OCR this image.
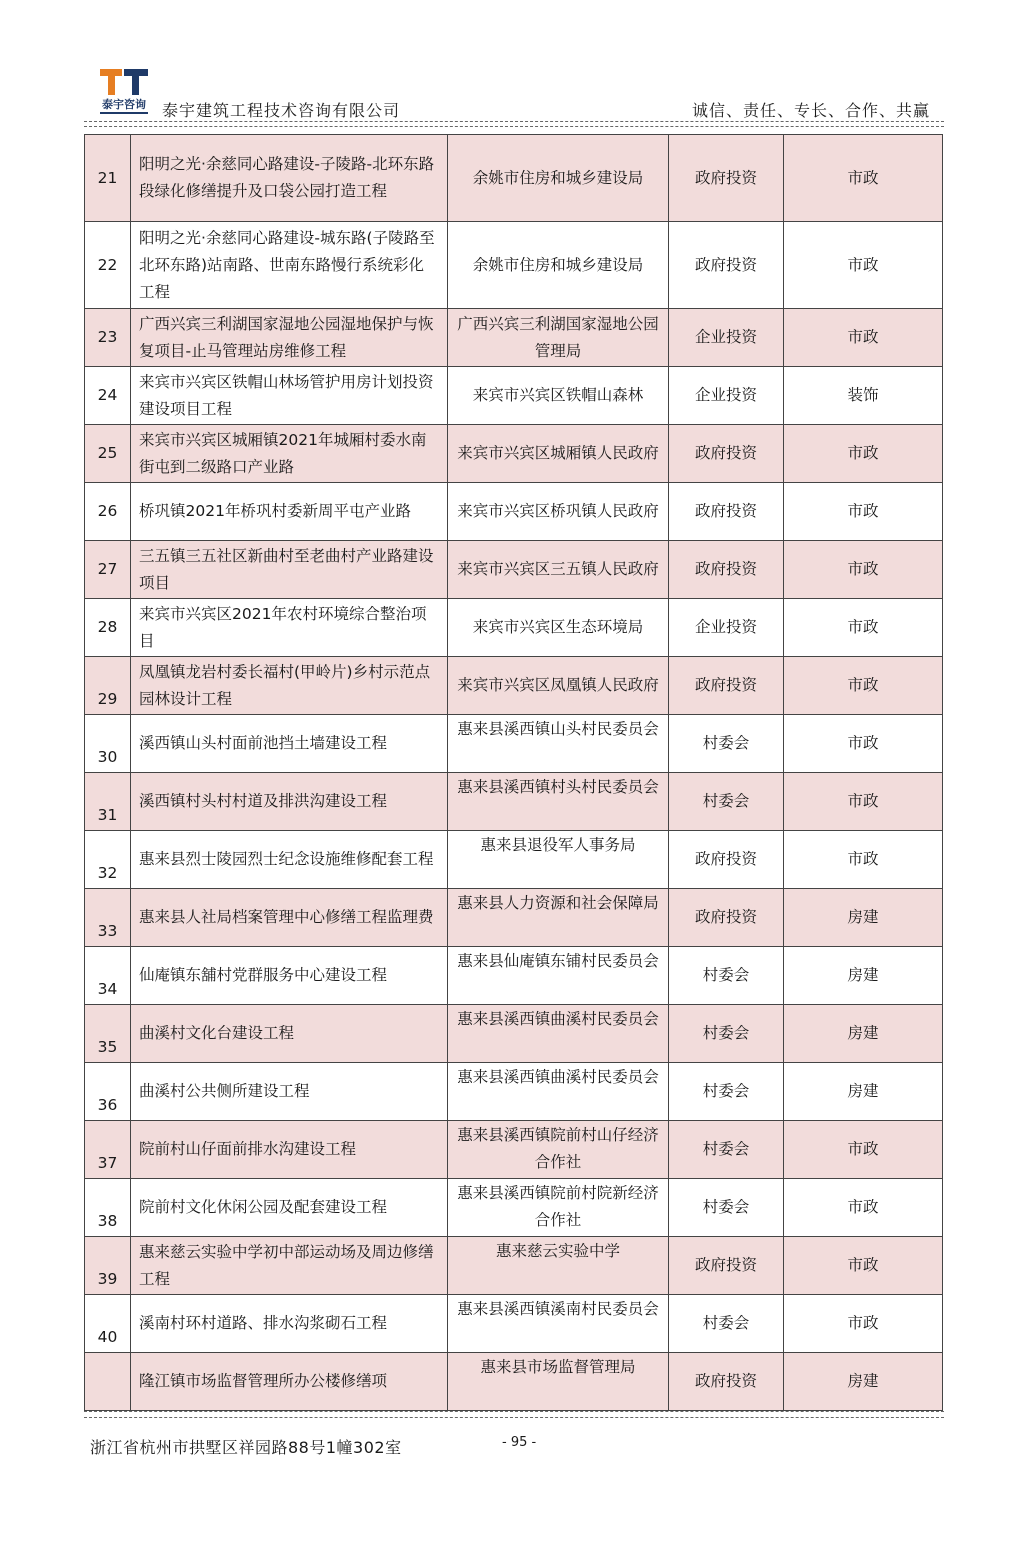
泰宇咨询 泰宇建筑工程技术咨询有限公司	诚信、责任、专长、合作、共赢
21	阳明之光·余慈同心路建设-子陵路-北环东路段绿化修缮提升及口袋公园打造工程	余姚市住房和城乡建设局	政府投资	市政
22	阳明之光·余慈同心路建设-城东路(子陵路至北环东路)站南路、世南东路慢行系统彩化工程	余姚市住房和城乡建设局	政府投资	市政
23	广西兴宾三利湖国家湿地公园湿地保护与恢复项目-止马管理站房维修工程	广西兴宾三利湖国家湿地公园管理局	企业投资	市政
24	来宾市兴宾区铁帽山林场管护用房计划投资建设项目工程	来宾市兴宾区铁帽山森林	企业投资	装饰
25	来宾市兴宾区城厢镇2021年城厢村委水南街屯到二级路口产业路	来宾市兴宾区城厢镇人民政府	政府投资	市政
26	桥巩镇2021年桥巩村委新周平屯产业路	来宾市兴宾区桥巩镇人民政府	政府投资	市政
27	三五镇三五社区新曲村至老曲村产业路建设项目	来宾市兴宾区三五镇人民政府	政府投资	市政
28	来宾市兴宾区2021年农村环境综合整治项目	来宾市兴宾区生态环境局	企业投资	市政
29	凤凰镇龙岩村委长福村(甲岭片)乡村示范点园林设计工程	来宾市兴宾区凤凰镇人民政府	政府投资	市政
30	溪西镇山头村面前池挡土墙建设工程	惠来县溪西镇山头村民委员会	村委会	市政
31	溪西镇村头村村道及排洪沟建设工程	惠来县溪西镇村头村民委员会	村委会	市政
32	惠来县烈士陵园烈士纪念设施维修配套工程	惠来县退役军人事务局	政府投资	市政
33	惠来县人社局档案管理中心修缮工程监理费	惠来县人力资源和社会保障局	政府投资	房建
34	仙庵镇东舖村党群服务中心建设工程	惠来县仙庵镇东铺村民委员会	村委会	房建
35	曲溪村文化台建设工程	惠来县溪西镇曲溪村民委员会	村委会	房建
36	曲溪村公共侧所建设工程	惠来县溪西镇曲溪村民委员会	村委会	房建
37	院前村山仔面前排水沟建设工程	惠来县溪西镇院前村山仔经济合作社	村委会	市政
38	院前村文化休闲公园及配套建设工程	惠来县溪西镇院前村院新经济合作社	村委会	市政
39	惠来慈云实验中学初中部运动场及周边修缮工程	惠来慈云实验中学	政府投资	市政
40	溪南村环村道路、排水沟浆砌石工程	惠来县溪西镇溪南村民委员会	村委会	市政
	隆江镇市场监督管理所办公楼修缮项	惠来县市场监督管理局	政府投资	房建
浙江省杭州市拱墅区祥园路88号1幢302室	- 95 -
